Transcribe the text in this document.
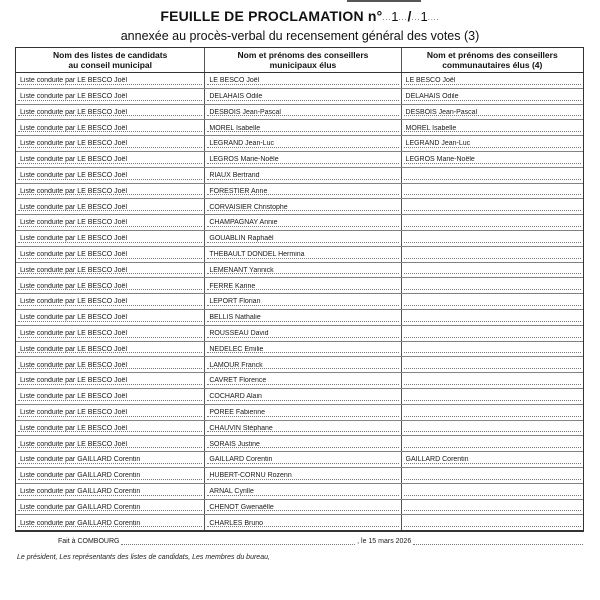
FEUILLE DE PROCLAMATION n°...1.../...1....
annexée au procès-verbal du recensement général des votes (3)
Nom des listes de candidats
au conseil municipal
Nom et prénoms des conseillers
municipaux élus
Nom et prénoms des conseillers
communautaires élus (4)
Liste conduite par LE BESCO Joël	LE BESCO Joël	LE BESCO Joël
Liste conduite par LE BESCO Joël	DELAHAIS Odile	DELAHAIS Odile
Liste conduite par LE BESCO Joël	DESBOIS Jean-Pascal	DESBOIS Jean-Pascal
Liste conduite par LE BESCO Joël	MOREL Isabelle	MOREL Isabelle
Liste conduite par LE BESCO Joël	LEGRAND Jean-Luc	LEGRAND Jean-Luc
Liste conduite par LE BESCO Joël	LEGROS Marie-Noële	LEGROS Marie-Noële
Liste conduite par LE BESCO Joël	RIAUX Bertrand
Liste conduite par LE BESCO Joël	FORESTIER Anne
Liste conduite par LE BESCO Joël	CORVAISIER Christophe
Liste conduite par LE BESCO Joël	CHAMPAGNAY Annie
Liste conduite par LE BESCO Joël	GOUABLIN Raphaël
Liste conduite par LE BESCO Joël	THEBAULT DONDEL Hermina
Liste conduite par LE BESCO Joël	LEMENANT Yannick
Liste conduite par LE BESCO Joël	FERRE Karine
Liste conduite par LE BESCO Joël	LEPORT Florian
Liste conduite par LE BESCO Joël	BELLIS Nathalie
Liste conduite par LE BESCO Joël	ROUSSEAU David
Liste conduite par LE BESCO Joël	NEDELEC Emilie
Liste conduite par LE BESCO Joël	LAMOUR Franck
Liste conduite par LE BESCO Joël	CAVRET Florence
Liste conduite par LE BESCO Joël	COCHARD Alain
Liste conduite par LE BESCO Joël	POREE Fabienne
Liste conduite par LE BESCO Joël	CHAUVIN Stéphane
Liste conduite par LE BESCO Joël	SORAIS Justine
Liste conduite par GAILLARD Corentin	GAILLARD Corentin	GAILLARD Corentin
Liste conduite par GAILLARD Corentin	HUBERT-CORNU Rozenn
Liste conduite par GAILLARD Corentin	ARNAL Cyrille
Liste conduite par GAILLARD Corentin	CHENOT Gwenaëlle
Liste conduite par GAILLARD Corentin	CHARLES Bruno
Fait à COMBOURG	, le 15 mars 2026
Le président, Les représentants des listes de candidats, Les membres du bureau,
